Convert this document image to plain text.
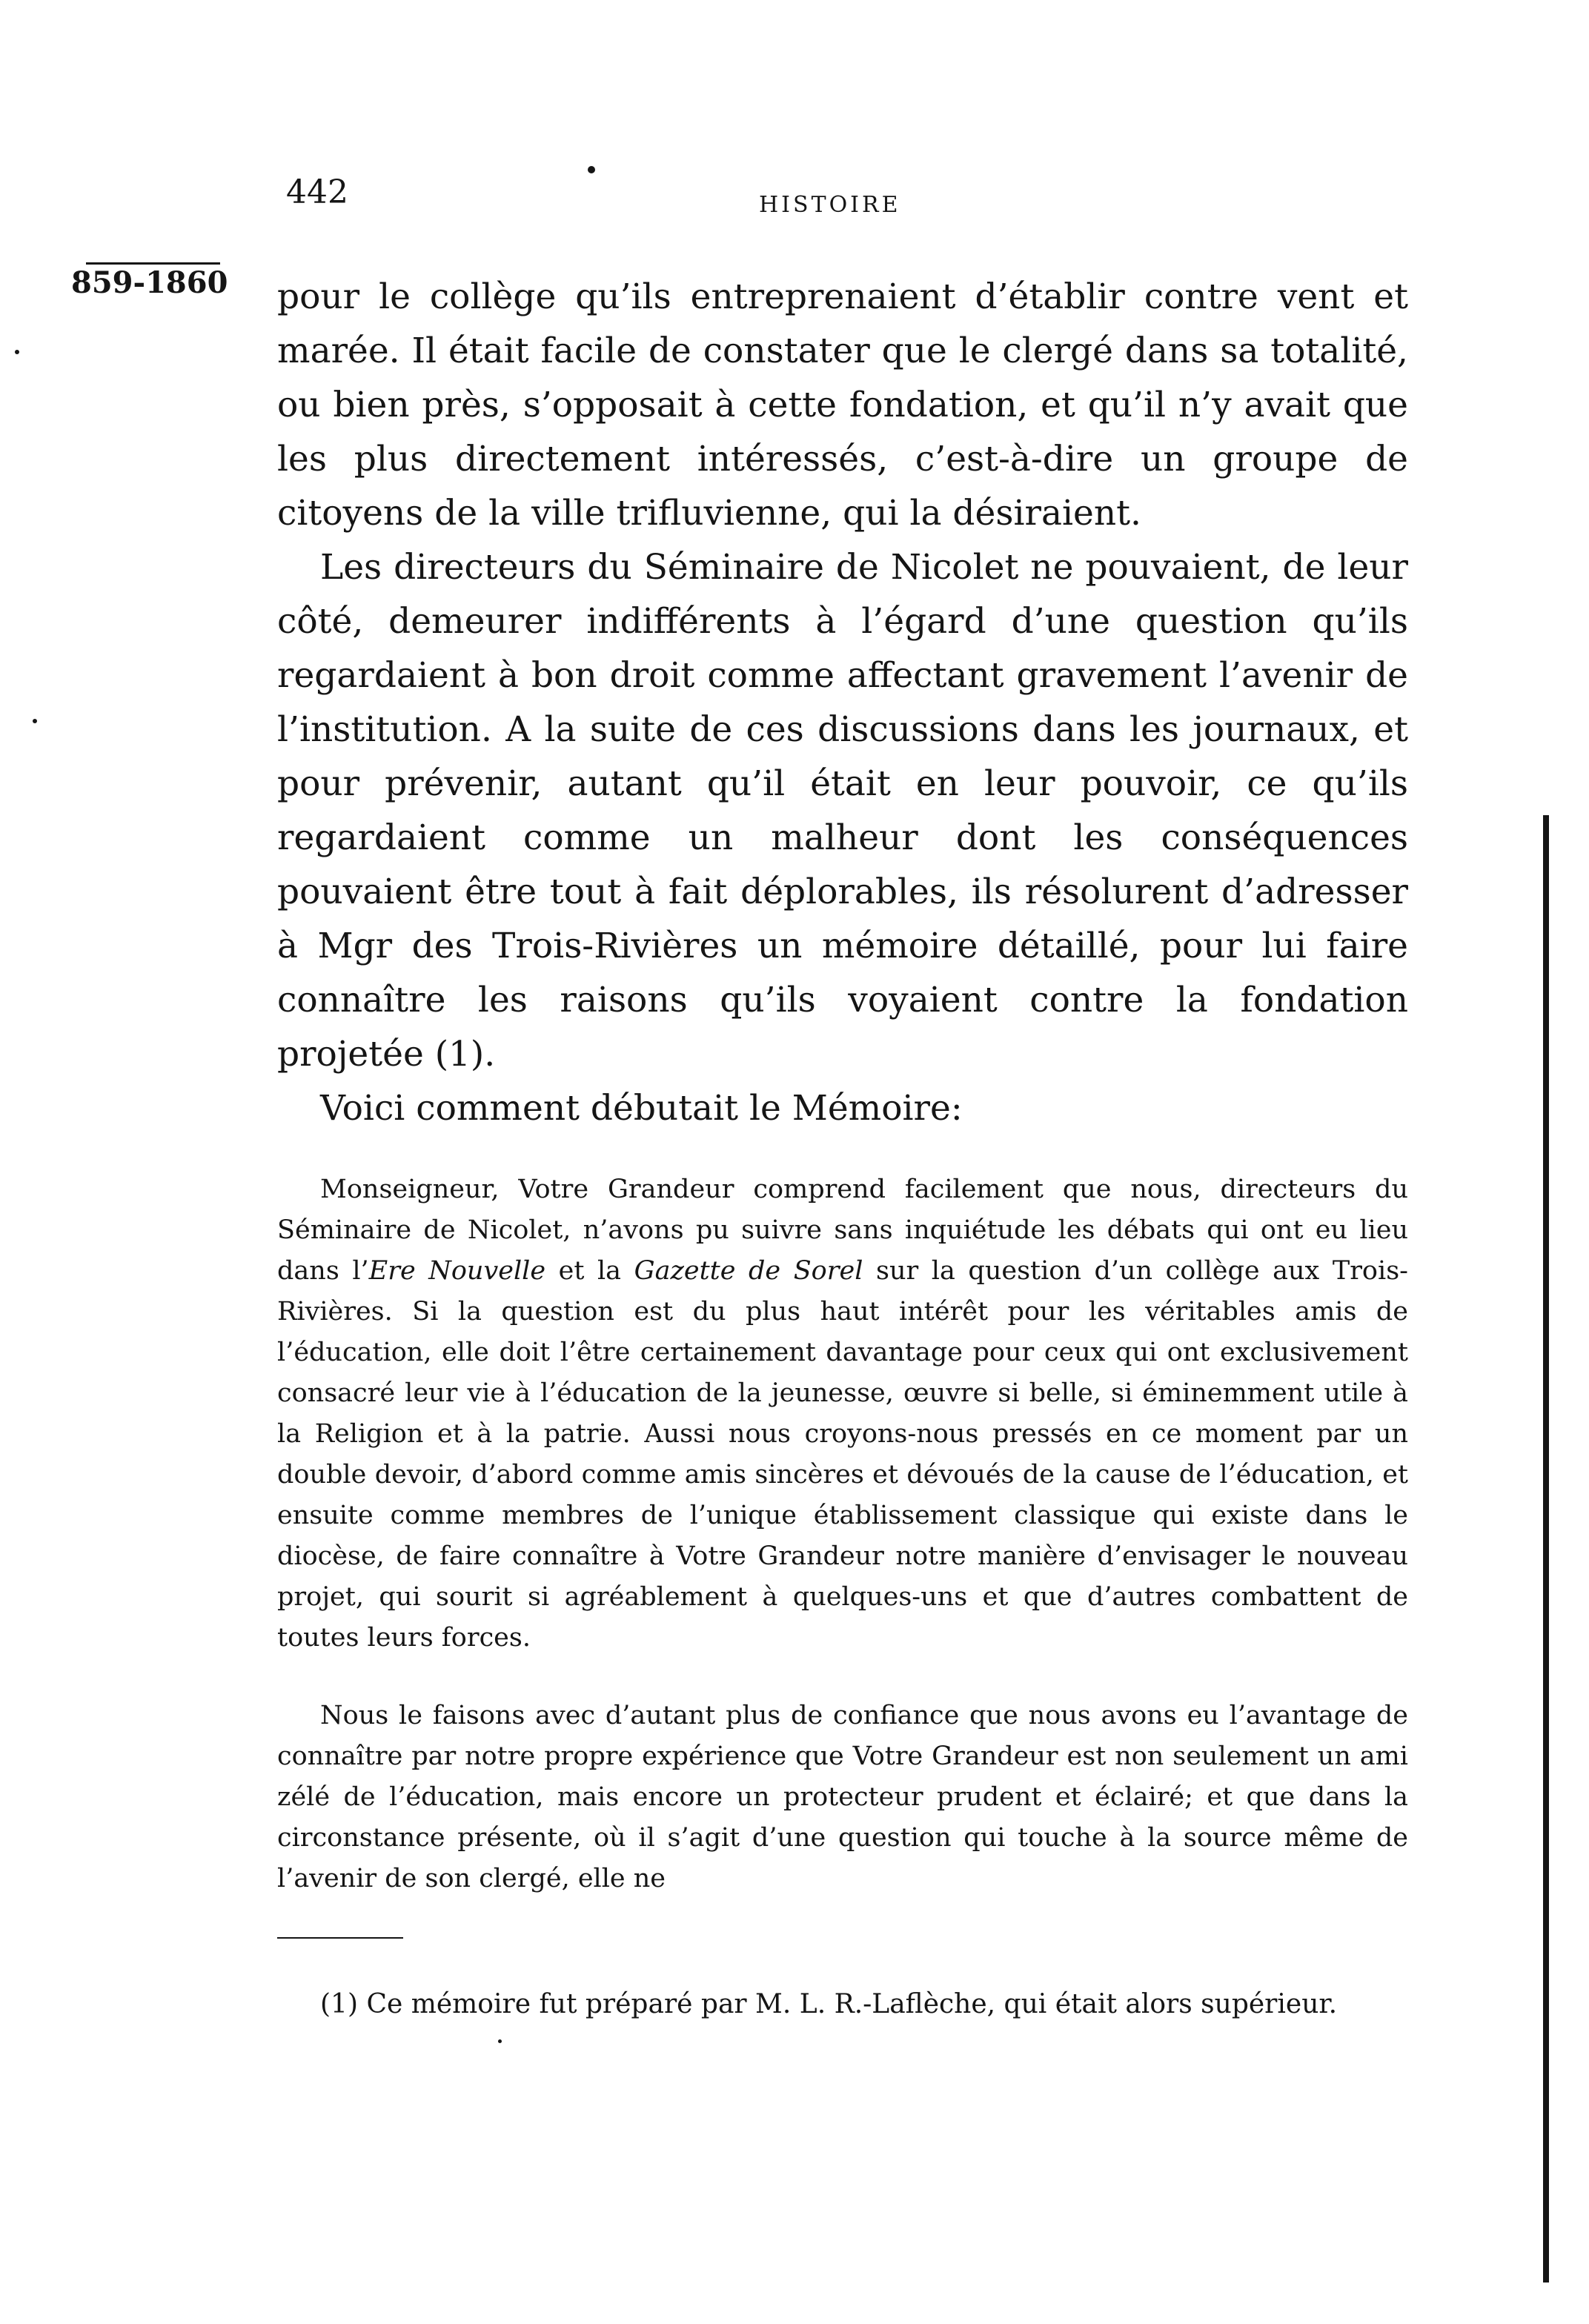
442	HISTOIRE
859-1860 pour le collège qu’ils entreprenaient d’établir contre vent et marée. Il était facile de constater que le clergé dans sa totalité, ou bien près, s’opposait à cette fondation, et qu’il n’y avait que les plus directement intéressés, c’est-à-dire un groupe de citoyens de la ville trifluvienne, qui la désiraient.

Les directeurs du Séminaire de Nicolet ne pouvaient, de leur côté, demeurer indifférents à l’égard d’une question qu’ils regardaient à bon droit comme affectant gravement l’avenir de l’institution. A la suite de ces discussions dans les journaux, et pour prévenir, autant qu’il était en leur pouvoir, ce qu’ils regardaient comme un malheur dont les conséquences pouvaient être tout à fait déplorables, ils résolurent d’adresser à Mgr des Trois-Rivières un mémoire détaillé, pour lui faire connaître les raisons qu’ils voyaient contre la fondation projetée (1).

Voici comment débutait le Mémoire:

Monseigneur, Votre Grandeur comprend facilement que nous, directeurs du Séminaire de Nicolet, n’avons pu suivre sans inquiétude les débats qui ont eu lieu dans l’Ere Nouvelle et la Gazette de Sorel sur la question d’un collège aux Trois-Rivières. Si la question est du plus haut intérêt pour les véritables amis de l’éducation, elle doit l’être certainement davantage pour ceux qui ont exclusivement consacré leur vie à l’éducation de la jeunesse, œuvre si belle, si éminemment utile à la Religion et à la patrie. Aussi nous croyons-nous pressés en ce moment par un double devoir, d’abord comme amis sincères et dévoués de la cause de l’éducation, et ensuite comme membres de l’unique établissement classique qui existe dans le diocèse, de faire connaître à Votre Grandeur notre manière d’envisager le nouveau projet, qui sourit si agréablement à quelques-uns et que d’autres combattent de toutes leurs forces.

Nous le faisons avec d’autant plus de confiance que nous avons eu l’avantage de connaître par notre propre expérience que Votre Grandeur est non seulement un ami zélé de l’éducation, mais encore un protecteur prudent et éclairé; et que dans la circonstance présente, où il s’agit d’une question qui touche à la source même de l’avenir de son clergé, elle ne

(1) Ce mémoire fut préparé par M. L. R.-Laflèche, qui était alors supérieur.
